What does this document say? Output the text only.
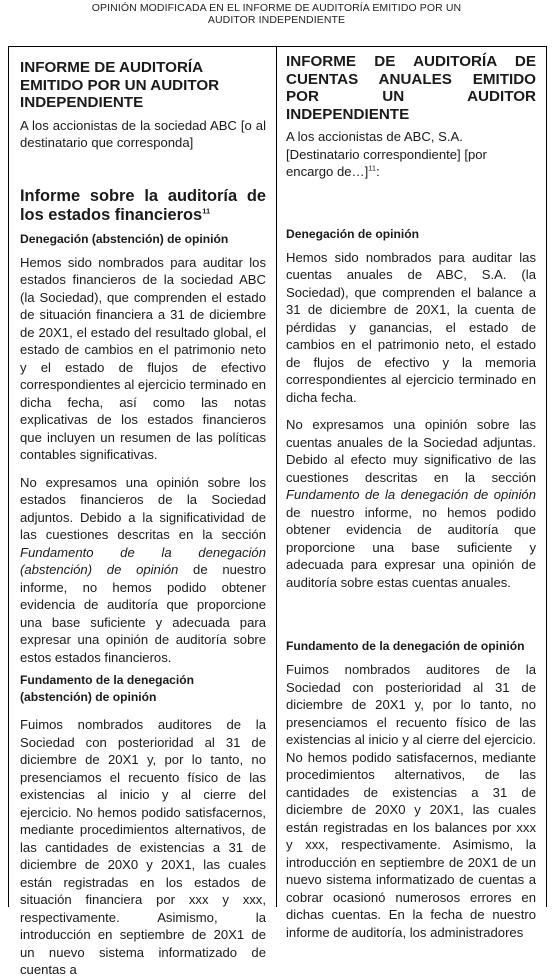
OPINIÓN MODIFICADA EN EL INFORME DE AUDITORÍA EMITIDO POR UN
AUDITOR INDEPENDIENTE

INFORME DE AUDITORÍA EMITIDO POR UN AUDITOR INDEPENDIENTE

A los accionistas de la sociedad ABC [o al destinatario que corresponda]

Informe sobre la auditoría de los estados financieros$^{11}$

Denegación (abstención) de opinión

Hemos sido nombrados para auditar los estados financieros de la sociedad ABC (la Sociedad), que comprenden el estado de situación financiera a 31 de diciembre de 20X1, el estado del resultado global, el estado de cambios en el patrimonio neto y el estado de flujos de efectivo correspondientes al ejercicio terminado en dicha fecha, así como las notas explicativas de los estados financieros que incluyen un resumen de las políticas contables significativas.

No expresamos una opinión sobre los estados financieros de la Sociedad adjuntos. Debido a la significatividad de las cuestiones descritas en la sección Fundamento de la denegación (abstención) de opinión de nuestro informe, no hemos podido obtener evidencia de auditoría que proporcione una base suficiente y adecuada para expresar una opinión de auditoría sobre estos estados financieros.

Fundamento de la denegación (abstención) de opinión

Fuimos nombrados auditores de la Sociedad con posterioridad al 31 de diciembre de 20X1 y, por lo tanto, no presenciamos el recuento físico de las existencias al inicio y al cierre del ejercicio. No hemos podido satisfacernos, mediante procedimientos alternativos, de las cantidades de existencias a 31 de diciembre de 20X0 y 20X1, las cuales están registradas en los estados de situación financiera por xxx y xxx, respectivamente. Asimismo, la introducción en septiembre de 20X1 de un nuevo sistema informatizado de cuentas a

INFORME DE AUDITORÍA DE CUENTAS ANUALES EMITIDO POR UN AUDITOR INDEPENDIENTE

A los accionistas de ABC, S.A. [Destinatario correspondiente] [por encargo de…]$^{11}$:

Denegación de opinión

Hemos sido nombrados para auditar las cuentas anuales de ABC, S.A. (la Sociedad), que comprenden el balance a 31 de diciembre de 20X1, la cuenta de pérdidas y ganancias, el estado de cambios en el patrimonio neto, el estado de flujos de efectivo y la memoria correspondientes al ejercicio terminado en dicha fecha.

No expresamos una opinión sobre las cuentas anuales de la Sociedad adjuntas. Debido al efecto muy significativo de las cuestiones descritas en la sección Fundamento de la denegación de opinión de nuestro informe, no hemos podido obtener evidencia de auditoría que proporcione una base suficiente y adecuada para expresar una opinión de auditoría sobre estas cuentas anuales.

Fundamento de la denegación de opinión

Fuimos nombrados auditores de la Sociedad con posterioridad al 31 de diciembre de 20X1 y, por lo tanto, no presenciamos el recuento físico de las existencias al inicio y al cierre del ejercicio. No hemos podido satisfacernos, mediante procedimientos alternativos, de las cantidades de existencias a 31 de diciembre de 20X0 y 20X1, las cuales están registradas en los balances por xxx y xxx, respectivamente. Asimismo, la introducción en septiembre de 20X1 de un nuevo sistema informatizado de cuentas a cobrar ocasionó numerosos errores en dichas cuentas. En la fecha de nuestro informe de auditoría, los administradores
